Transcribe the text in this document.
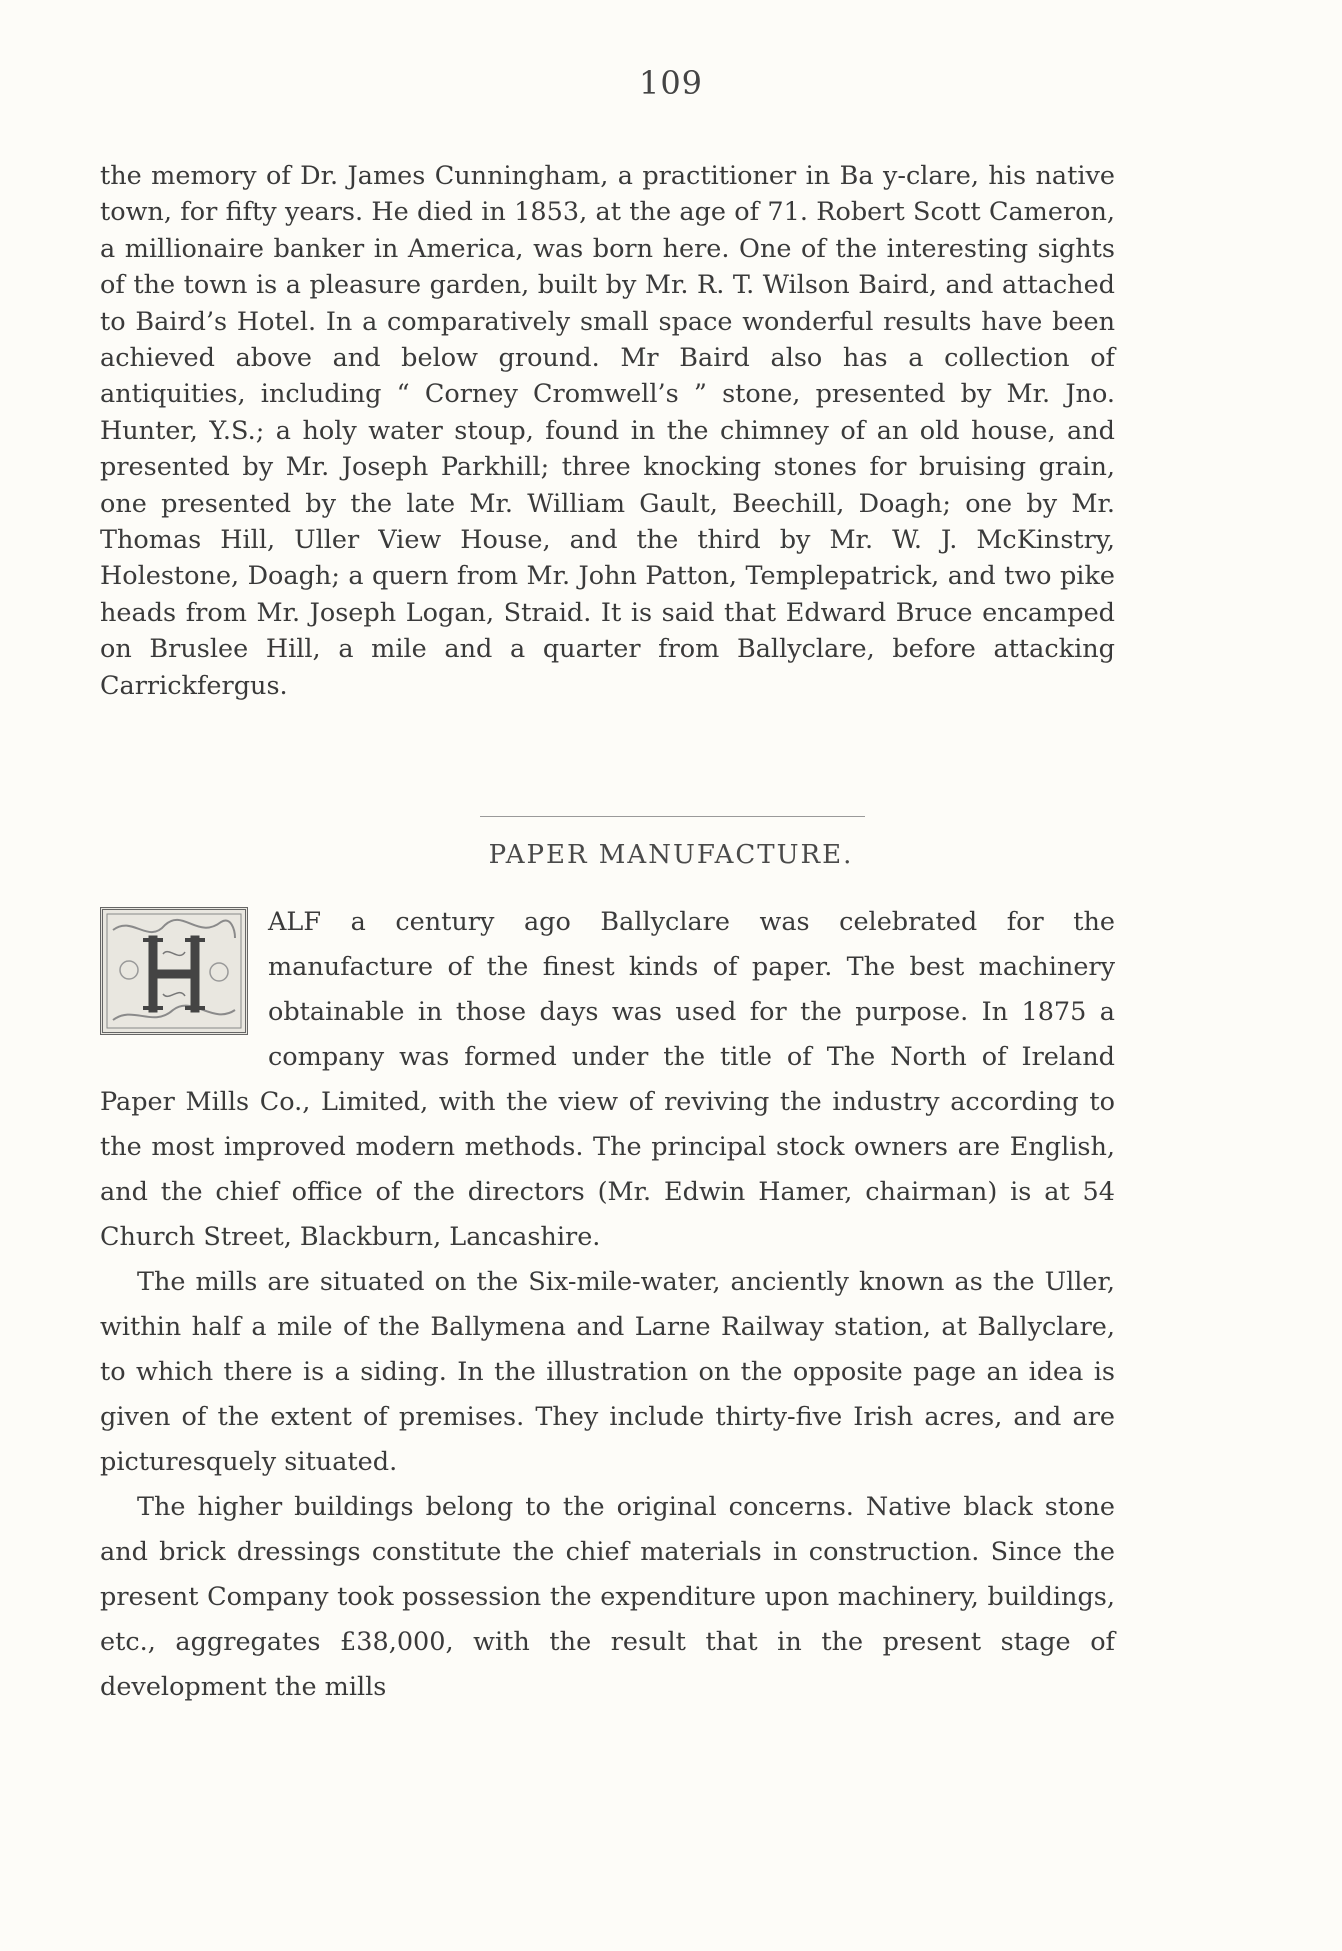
109

the memory of Dr. James Cunningham, a practitioner in Ba y-clare, his native town, for fifty years. He died in 1853, at the age of 71. Robert Scott Cameron, a millionaire banker in America, was born here. One of the interesting sights of the town is a pleasure garden, built by Mr. R. T. Wilson Baird, and attached to Baird’s Hotel. In a comparatively small space wonderful results have been achieved above and below ground. Mr Baird also has a collection of antiquities, including “ Corney Cromwell’s ” stone, presented by Mr. Jno. Hunter, Y.S.; a holy water stoup, found in the chimney of an old house, and presented by Mr. Joseph Parkhill; three knocking stones for bruising grain, one presented by the late Mr. William Gault, Beechill, Doagh; one by Mr. Thomas Hill, Uller View House, and the third by Mr. W. J. McKinstry, Holestone, Doagh; a quern from Mr. John Patton, Templepatrick, and two pike heads from Mr. Joseph Logan, Straid. It is said that Edward Bruce encamped on Bruslee Hill, a mile and a quarter from Ballyclare, before attacking Carrickfergus.

PAPER MANUFACTURE.

ALF a century ago Ballyclare was celebrated for the manufacture of the finest kinds of paper. The best machinery obtainable in those days was used for the purpose. In 1875 a company was formed under the title of The North of Ireland Paper Mills Co., Limited, with the view of reviving the industry according to the most improved modern methods. The principal stock owners are English, and the chief office of the directors (Mr. Edwin Hamer, chairman) is at 54 Church Street, Blackburn, Lancashire.

The mills are situated on the Six-mile-water, anciently known as the Uller, within half a mile of the Ballymena and Larne Railway station, at Ballyclare, to which there is a siding. In the illustration on the opposite page an idea is given of the extent of premises. They include thirty-five Irish acres, and are picturesquely situated.

The higher buildings belong to the original concerns. Native black stone and brick dressings constitute the chief materials in construction. Since the present Company took possession the expenditure upon machinery, buildings, etc., aggregates £38,000, with the result that in the present stage of development the mills
